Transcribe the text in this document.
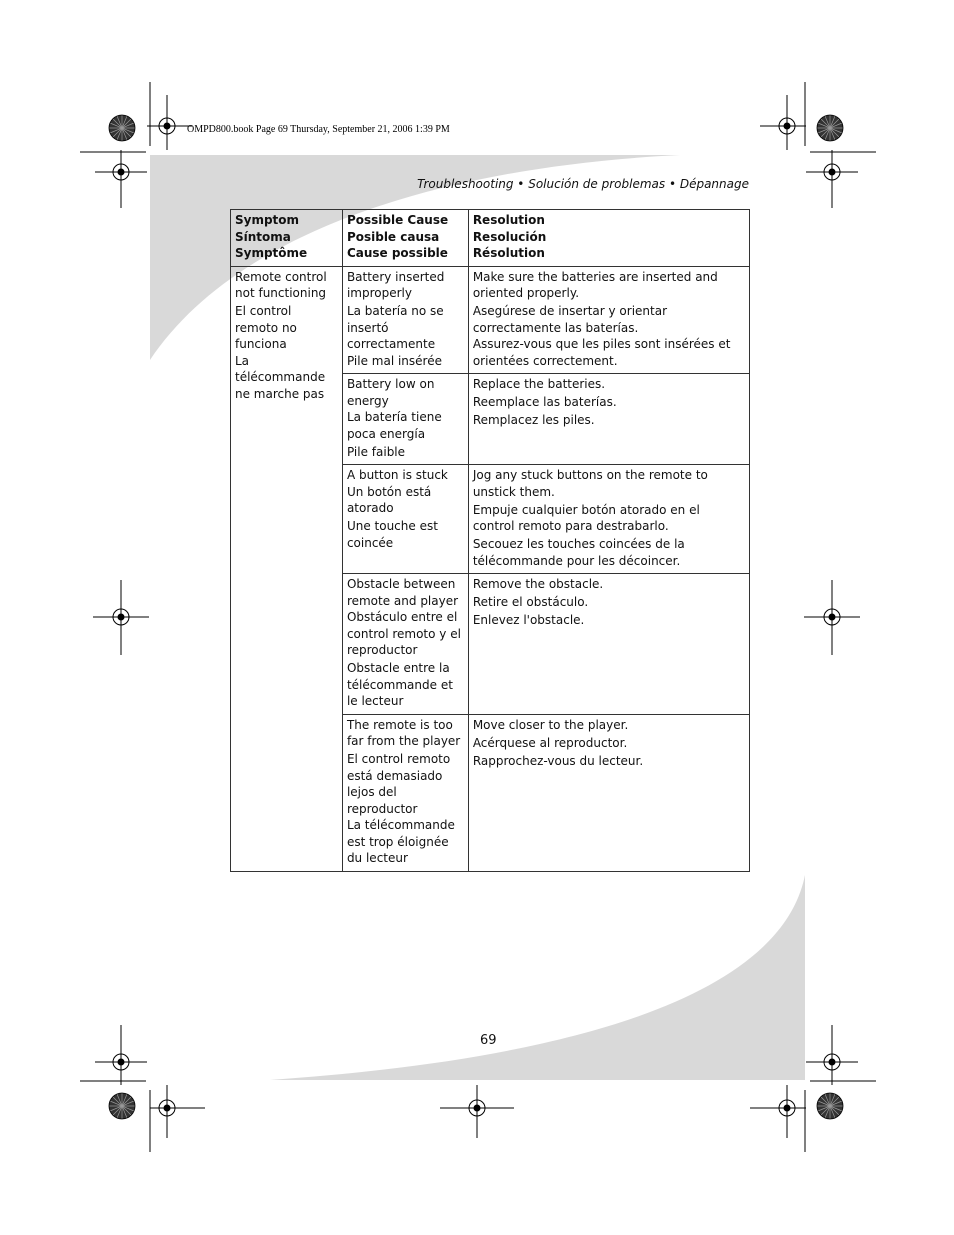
OMPD800.book Page 69 Thursday, September 21, 2006 1:39 PM
Troubleshooting • Solución de problemas • Dépannage
Symptom
Síntoma
Symptôme	Possible Cause
Posible causa
Cause possible	Resolution
Resolución
Résolution

Remote control not functioning
El control remoto no funciona
La télécommande ne marche pas	Battery inserted improperly
La batería no se insertó correctamente
Pile mal insérée	Make sure the batteries are inserted and oriented properly.
Asegúrese de insertar y orientar correctamente las baterías.
Assurez-vous que les piles sont insérées et orientées correctement.

	Battery low on energy
La batería tiene poca energía
Pile faible	Replace the batteries.
Reemplace las baterías.
Remplacez les piles.

	A button is stuck
Un botón está atorado
Une touche est coincée	Jog any stuck buttons on the remote to unstick them.
Empuje cualquier botón atorado en el control remoto para destrabarlo.
Secouez les touches coincées de la télécommande pour les décoincer.

	Obstacle between remote and player
Obstáculo entre el control remoto y el reproductor
Obstacle entre la télécommande et le lecteur	Remove the obstacle.
Retire el obstáculo.
Enlevez l'obstacle.

	The remote is too far from the player
El control remoto está demasiado lejos del reproductor
La télécommande est trop éloignée du lecteur	Move closer to the player.
Acérquese al reproductor.
Rapprochez-vous du lecteur.
69
